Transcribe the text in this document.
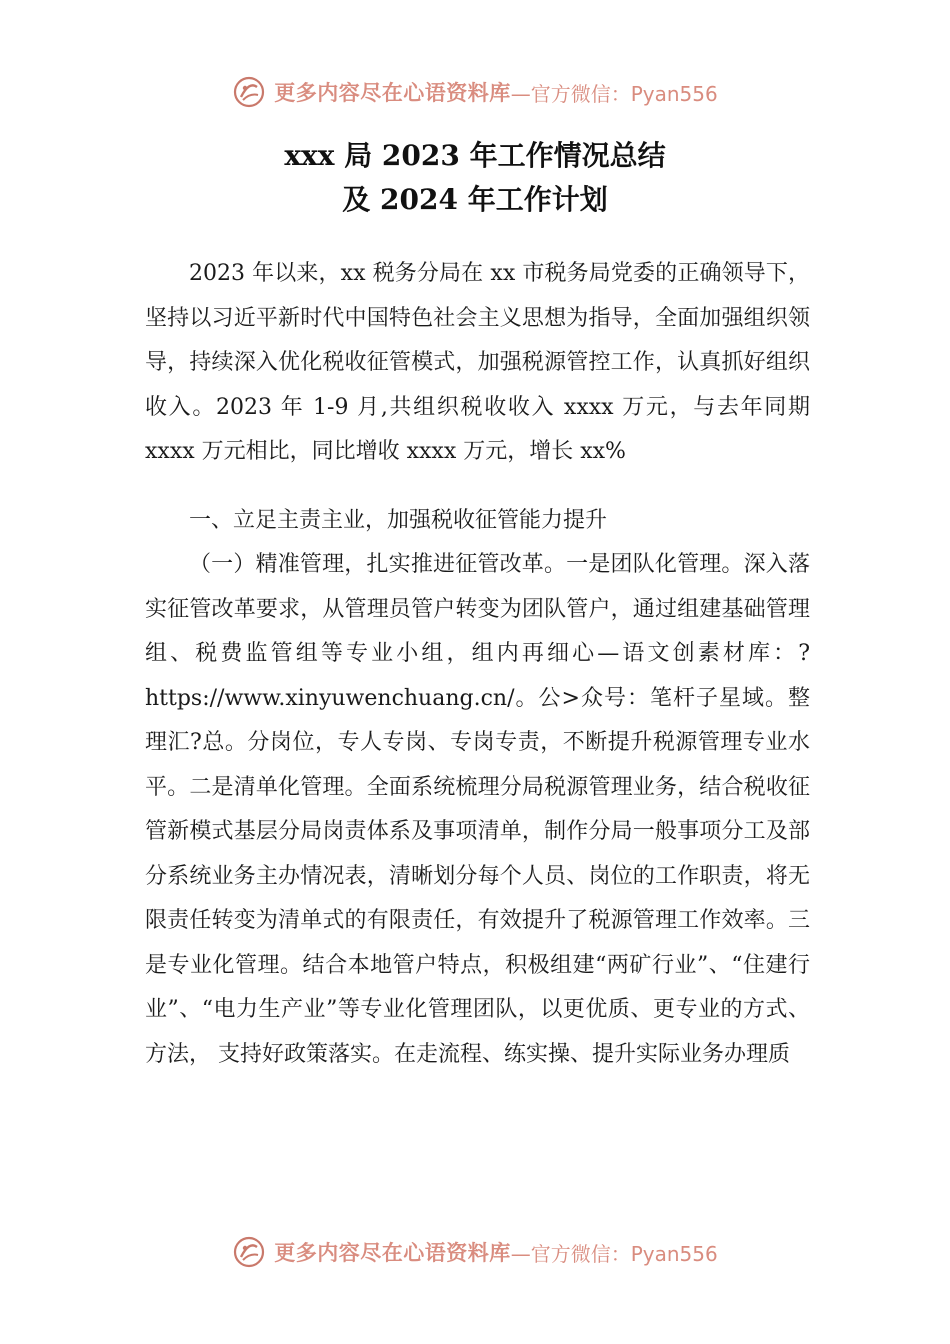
更多内容尽在心语资料库 —官方微信：Pyan556
xxx 局 2023 年工作情况总结
及 2024 年工作计划

2023 年以来，xx 税务分局在 xx 市税务局党委的正确领导下，坚持以习近平新时代中国特色社会主义思想为指导，全面加强组织领导，持续深入优化税收征管模式，加强税源管控工作，认真抓好组织收入。2023 年 1-9 月,共组织税收收入 xxxx 万元，与去年同期 xxxx 万元相比，同比增收 xxxx 万元，增长 xx%

一、立足主责主业，加强税收征管能力提升

（一）精准管理，扎实推进征管改革。一是团队化管理。深入落实征管改革要求，从管理员管户转变为团队管户，通过组建基础管理组、税费监管组等专业小组，组内再细心—语文创素材库：?https://www.xinyuwenchuang.cn/。公>众号：笔杆子星域。整理汇?总。分岗位，专人专岗、专岗专责，不断提升税源管理专业水平。二是清单化管理。全面系统梳理分局税源管理业务，结合税收征管新模式基层分局岗责体系及事项清单，制作分局一般事项分工及部分系统业务主办情况表，清晰划分每个人员、岗位的工作职责，将无限责任转变为清单式的有限责任，有效提升了税源管理工作效率。三是专业化管理。结合本地管户特点，积极组建“两矿行业”、“住建行业”、“电力生产业”等专业化管理团队，以更优质、更专业的方式、方法， 支持好政策落实。在走流程、练实操、提升实际业务办理质

更多内容尽在心语资料库 —官方微信：Pyan556
